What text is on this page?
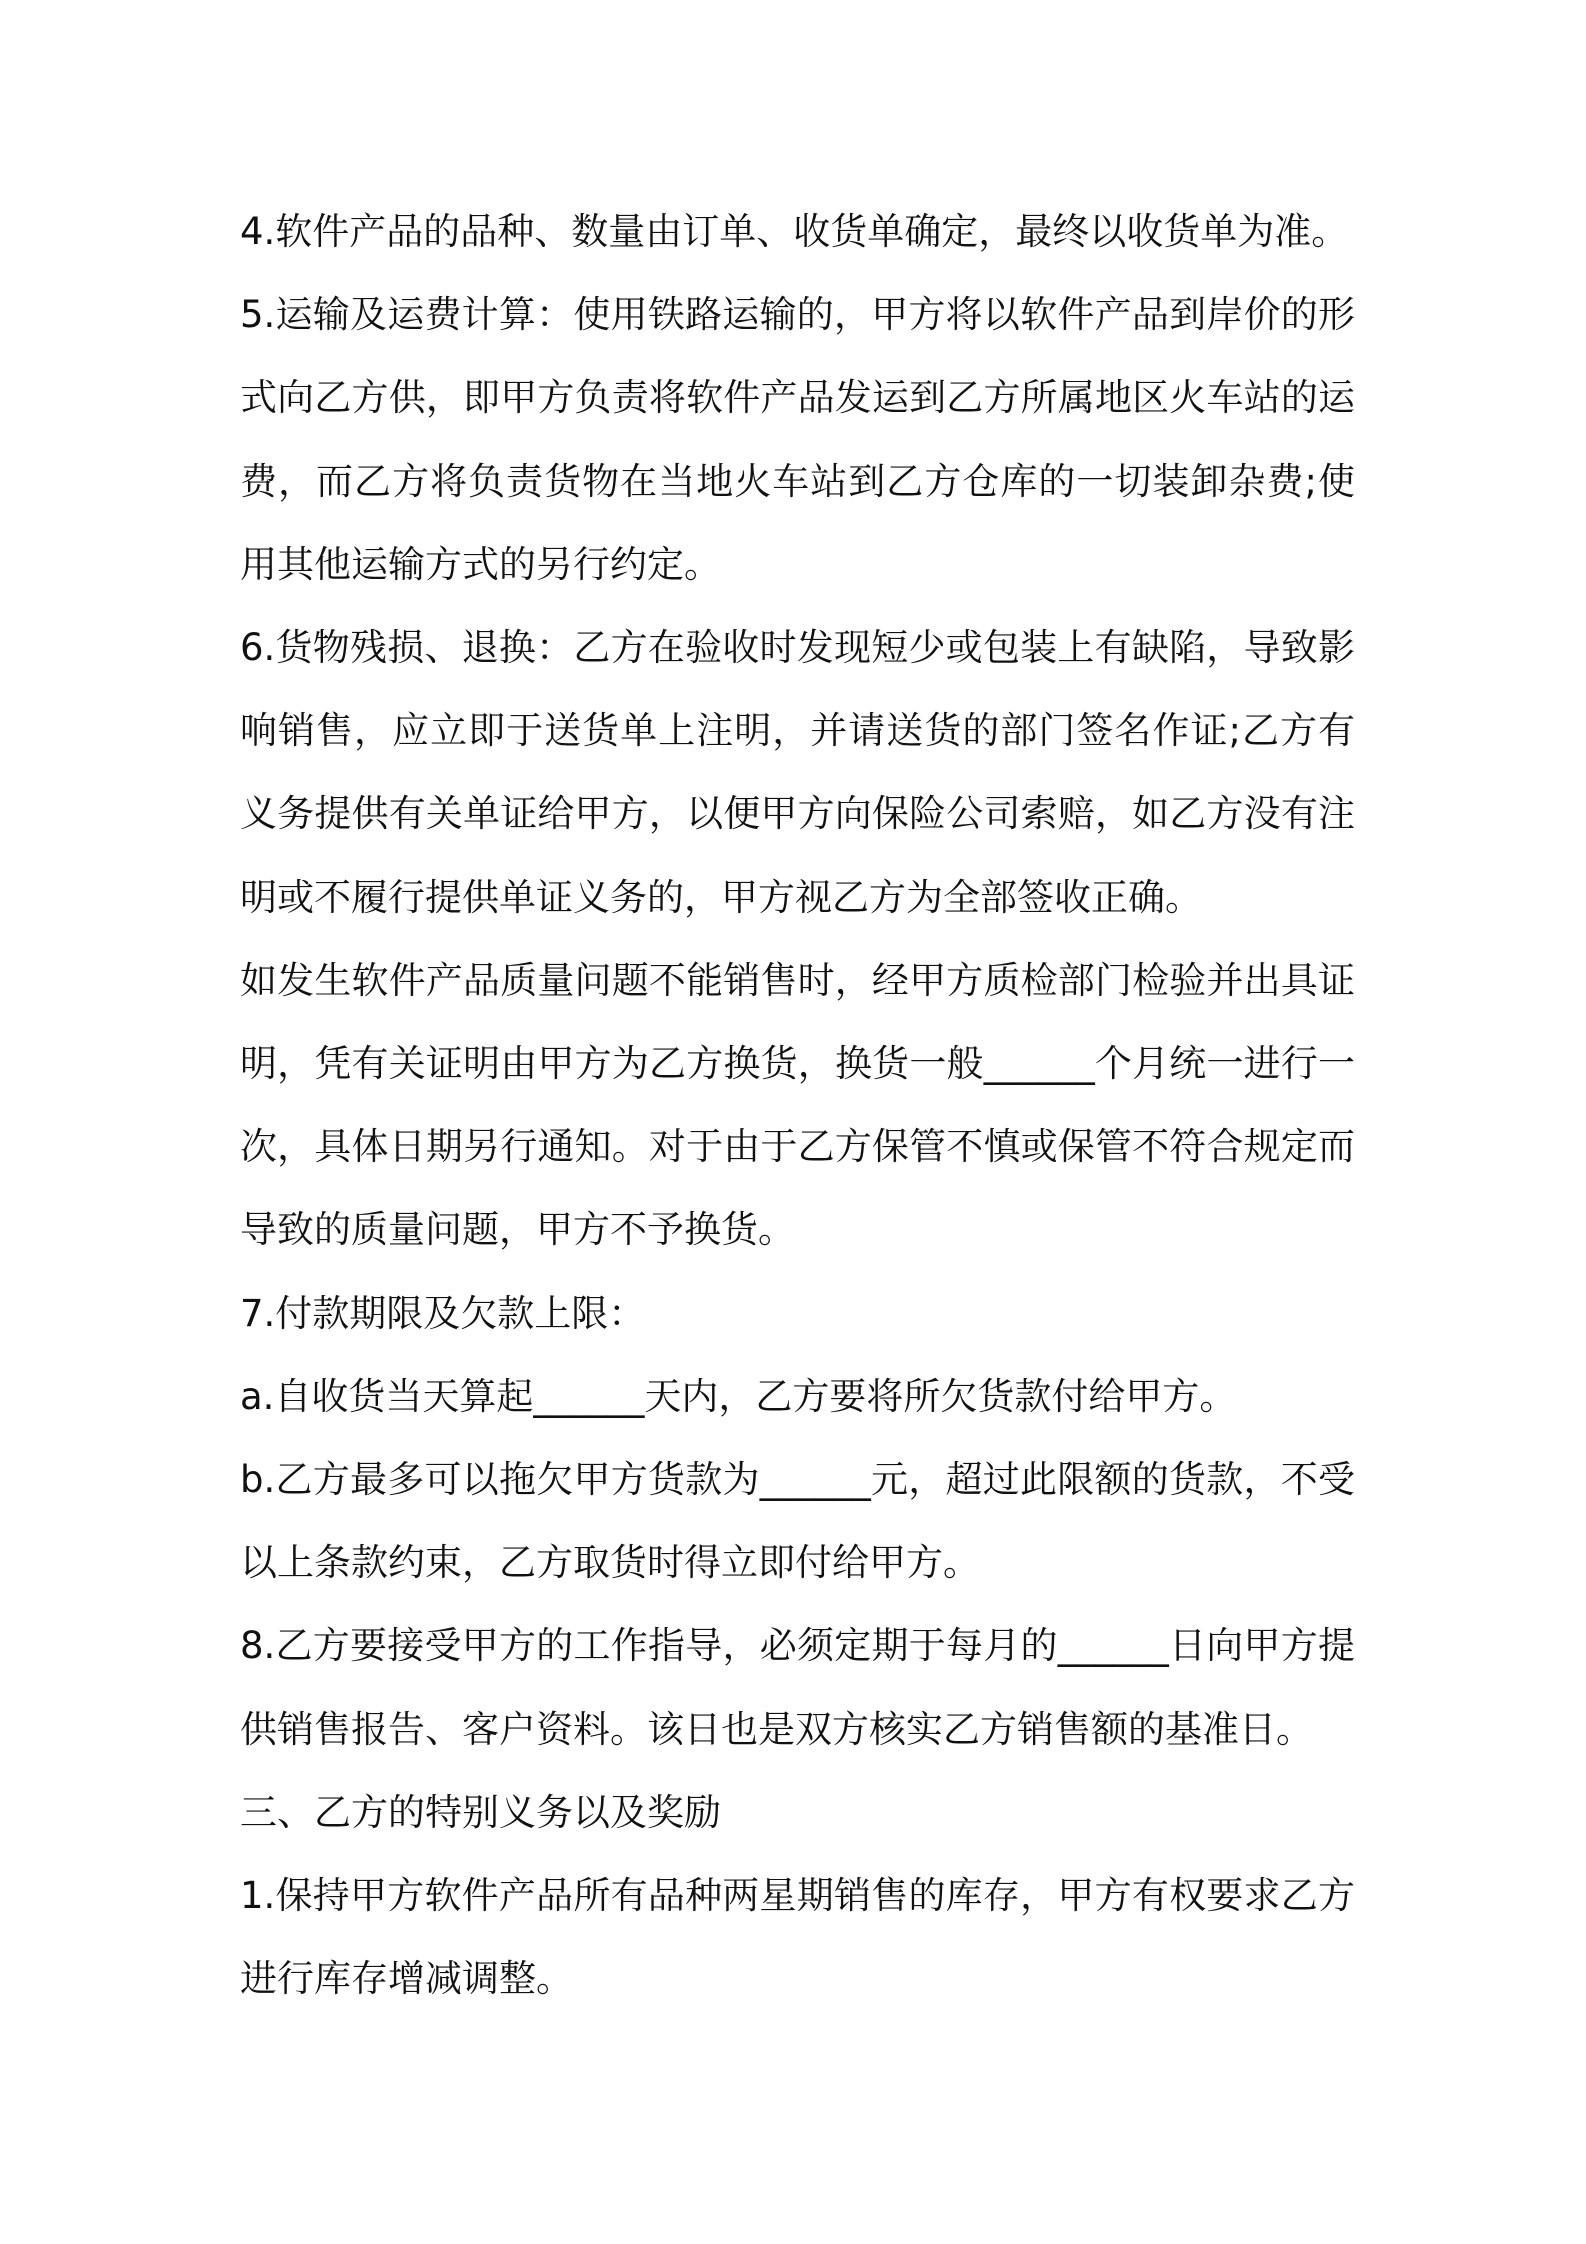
4.软件产品的品种、数量由订单、收货单确定，最终以收货单为准。

5.运输及运费计算：使用铁路运输的，甲方将以软件产品到岸价的形式向乙方供，即甲方负责将软件产品发运到乙方所属地区火车站的运费，而乙方将负责货物在当地火车站到乙方仓库的一切装卸杂费;使用其他运输方式的另行约定。

6.货物残损、退换：乙方在验收时发现短少或包装上有缺陷，导致影响销售，应立即于送货单上注明，并请送货的部门签名作证;乙方有义务提供有关单证给甲方，以便甲方向保险公司索赔，如乙方没有注明或不履行提供单证义务的，甲方视乙方为全部签收正确。

如发生软件产品质量问题不能销售时，经甲方质检部门检验并出具证明，凭有关证明由甲方为乙方换货，换货一般______个月统一进行一次，具体日期另行通知。对于由于乙方保管不慎或保管不符合规定而导致的质量问题，甲方不予换货。

7.付款期限及欠款上限：

a.自收货当天算起______天内，乙方要将所欠货款付给甲方。

b.乙方最多可以拖欠甲方货款为______元，超过此限额的货款，不受以上条款约束，乙方取货时得立即付给甲方。

8.乙方要接受甲方的工作指导，必须定期于每月的______日向甲方提供销售报告、客户资料。该日也是双方核实乙方销售额的基准日。

三、乙方的特别义务以及奖励

1.保持甲方软件产品所有品种两星期销售的库存，甲方有权要求乙方进行库存增减调整。
